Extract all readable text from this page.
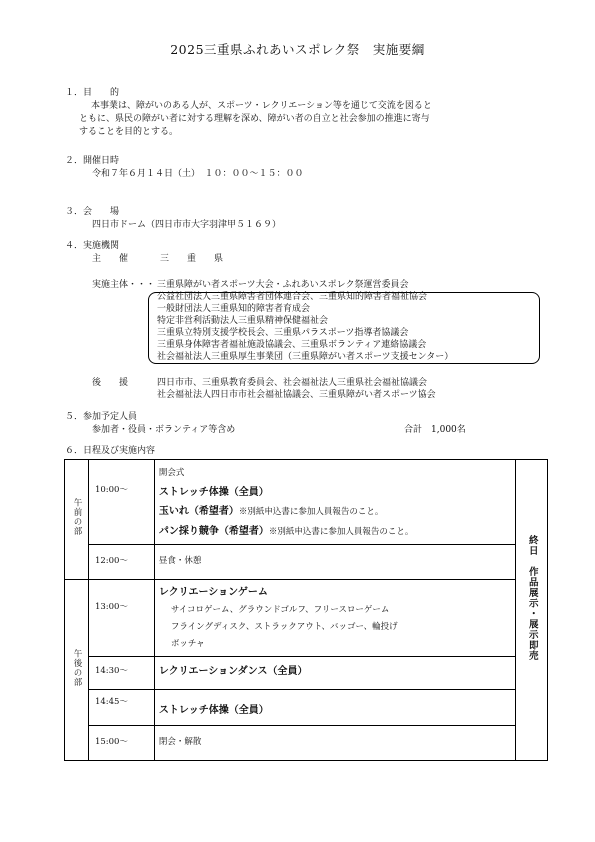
2025三重県ふれあいスポレク祭　実施要綱
１．目　　的
本事業は、障がいのある人が、スポーツ・レクリエーション等を通じて交流を図ると
ともに、県民の障がい者に対する理解を深め、障がい者の自立と社会参加の推進に寄与
することを目的とする。
２．開催日時
令和７年６月１４日（土）　１０：００～１５：００
３．会　　場
四日市ドーム（四日市市大字羽津甲５１６９）
４．実施機関
主　　催	三　　重　　県
実施主体・・・ 三重県障がい者スポーツ大会・ふれあいスポレク祭運営委員会
公益社団法人三重県障害者団体連合会、三重県知的障害者福祉協会
一般財団法人三重県知的障害者育成会
特定非営利活動法人三重県精神保健福祉会
三重県立特別支援学校長会、三重県パラスポーツ指導者協議会
三重県身体障害者福祉施設協議会、三重県ボランティア連絡協議会
社会福祉法人三重県厚生事業団（三重県障がい者スポーツ支援センター）
後　　援	四日市市、三重県教育委員会、社会福祉法人三重県社会福祉協議会
社会福祉法人四日市市社会福祉協議会、三重県障がい者スポーツ協会
５．参加予定人員
参加者・役員・ボランティア等含め	合計　1,000名
６．日程及び実施内容
午前の部	10:00～	開会式
ストレッチ体操（全員）
玉いれ（希望者）※別紙申込書に参加人員報告のこと。
パン採り競争（希望者）※別紙申込書に参加人員報告のこと。	終日　作品展示・展示即売
	12:00～	昼食・休憩	
午後の部	13:00～	レクリエーションゲーム
サイコロゲーム、グラウンドゴルフ、フリースローゲーム
フライングディスク、ストラックアウト、バッゴー、輪投げ
ボッチャ	

	14:30～	レクリエーションダンス（全員）	
	14:45～	ストレッチ体操（全員）	
	15:00～	閉会・解散	
